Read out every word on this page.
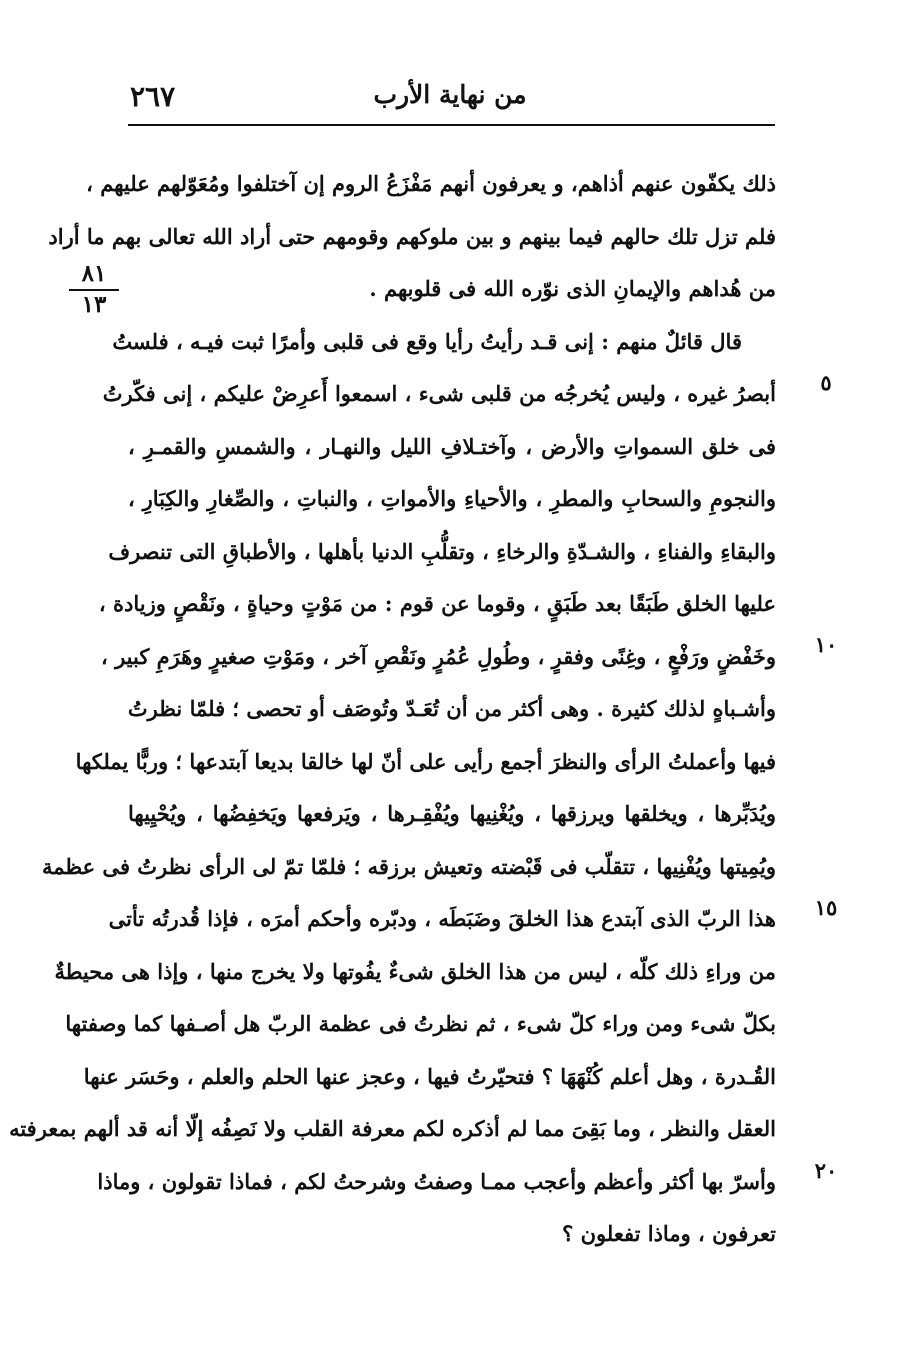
من نهاية الأرب
٢٦٧
٨١
١٣
ذلك يكفّون عنهم أذاهم، و يعرفون أنهم مَفْزَعُ الروم إن آختلفوا ومُعَوّلهم عليهم ،
فلم تزل تلك حالهم فيما بينهم و بين ملوكهم وقومهم حتى أراد الله تعالى بهم ما أراد
من هُداهم والإيمانِ الذى نوّره الله فى قلوبهم .
قال قائلٌ منهم : إنى قـد رأيتُ رأيا وقع فى قلبى وأمرًا ثبت فيـه ، فلستُ
أبصرُ غيره ، وليس يُخرجُه من قلبى شىء ، اسمعوا أَعرِضْ عليكم ، إنى فكّرتُ
فى خلق السمواتِ والأرض ، وآختـلافِ الليل والنهـار ، والشمسِ والقمـرِ ،
والنجومِ والسحابِ والمطرِ ، والأحياءِ والأمواتِ ، والنباتِ ، والصِّغارِ والكِبَارِ ،
والبقاءِ والفناءِ ، والشـدّةِ والرخاءِ ، وتقلُّبِ الدنيا بأهلها ، والأطباقِ التى تنصرف
عليها الخلق طَبَقًا بعد طَبَقٍ ، وقوما عن قوم : من مَوْتٍ وحياةٍ ، ونَقْصٍ وزيادة ،
وخَفْضٍ ورَفْعٍ ، وغِنًى وفقرٍ ، وطُولِ عُمُرٍ ونَقْصِ آخر ، ومَوْتِ صغيرٍ وهَرَمِ كبير ،
وأشـباهٍ لذلك كثيرة . وهى أكثر من أن تُعَـدّ وتُوصَف أو تحصى ؛ فلمّا نظرتُ
فيها وأعملتُ الرأى والنظرَ أجمع رأيى على أنّ لها خالقا بديعا آبتدعها ؛ وربًّا يملكها
ويُدَبِّرها ، ويخلقها ويرزقها ، ويُغْنِيها ويُفْقِـرها ، ويَرفعها ويَخفِضُها ، ويُحْيِيها
ويُمِيتها ويُفْنِيها ، تتقلّب فى قَبْضته وتعيش برزقه ؛ فلمّا تمّ لى الرأى نظرتُ فى عظمة
هذا الربّ الذى آبتدع هذا الخلقَ وضَبَطَه ، ودبّره وأحكم أمرَه ، فإذا قُدرتُه تأتى
من وراءِ ذلك كلّه ، ليس من هذا الخلق شىءٌ يفُوتها ولا يخرج منها ، وإذا هى محيطةٌ
بكلّ شىء ومن وراء كلّ شىء ، ثم نظرتُ فى عظمة الربّ هل أصـفها كما وصفتها
القُـدرة ، وهل أعلم كُنْهَهَا ؟ فتحيّرتُ فيها ، وعجز عنها الحلم والعلم ، وحَسَر عنها
العقل والنظر ، وما بَقِىَ مما لم أذكره لكم معرفة القلب ولا نَصِفُه إلّا أنه قد ألهم بمعرفته
وأسرّ بها أكثر وأعظم وأعجب ممـا وصفتُ وشرحتُ لكم ، فماذا تقولون ، وماذا
تعرفون ، وماذا تفعلون ؟
٥
١٠
١٥
٢٠
